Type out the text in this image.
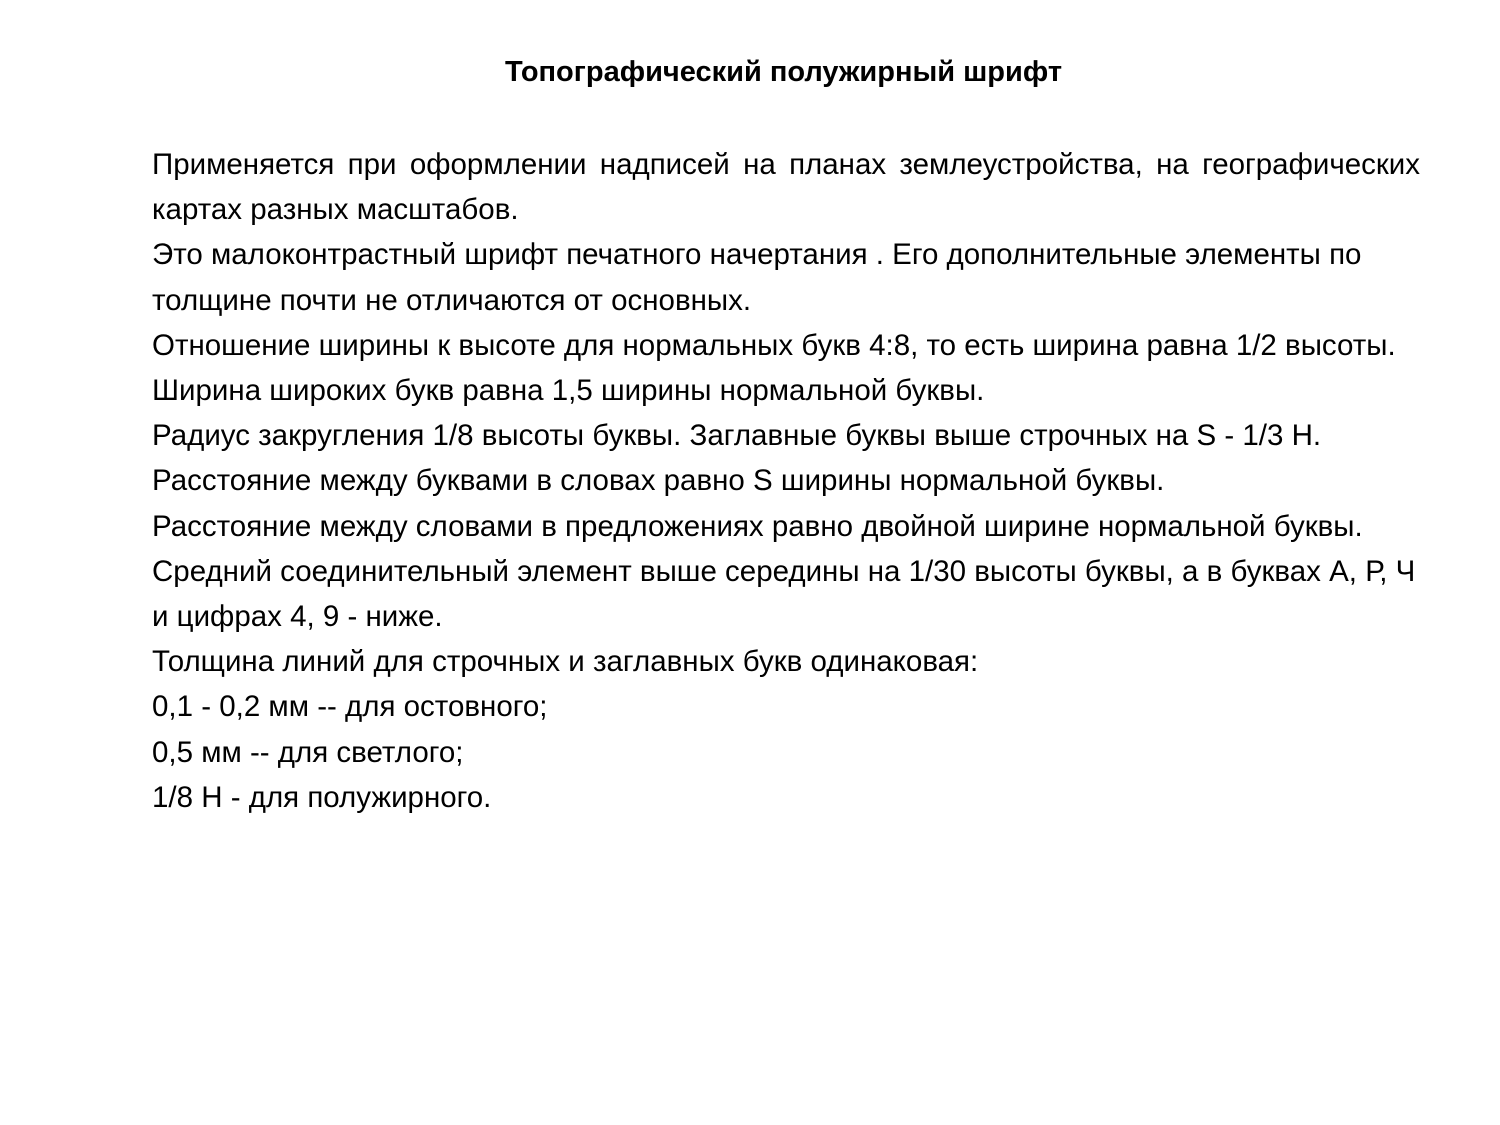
Топографический полужирный шрифт

Применяется при оформлении надписей на планах землеустройства, на географических картах разных масштабов.

Это малоконтрастный шрифт печатного начертания . Его дополнительные элементы по толщине почти не отличаются от основных.

Отношение ширины к высоте для нормальных букв 4:8, то есть ширина равна 1/2 высоты.

Ширина широких букв равна 1,5 ширины нормальной буквы.

Радиус закругления 1/8 высоты буквы. Заглавные буквы выше строчных на S - 1/3 H.

Расстояние между буквами в словах равно S ширины нормальной буквы.

Расстояние между словами в предложениях равно двойной ширине нормальной буквы.

Средний соединительный элемент выше середины на 1/30 высоты буквы, а в буквах А, Р, Ч и цифрах 4, 9 - ниже.

Толщина линий для строчных и заглавных букв одинаковая:

0,1 - 0,2 мм -- для остовного;

0,5 мм -- для светлого;

1/8 H - для полужирного.
